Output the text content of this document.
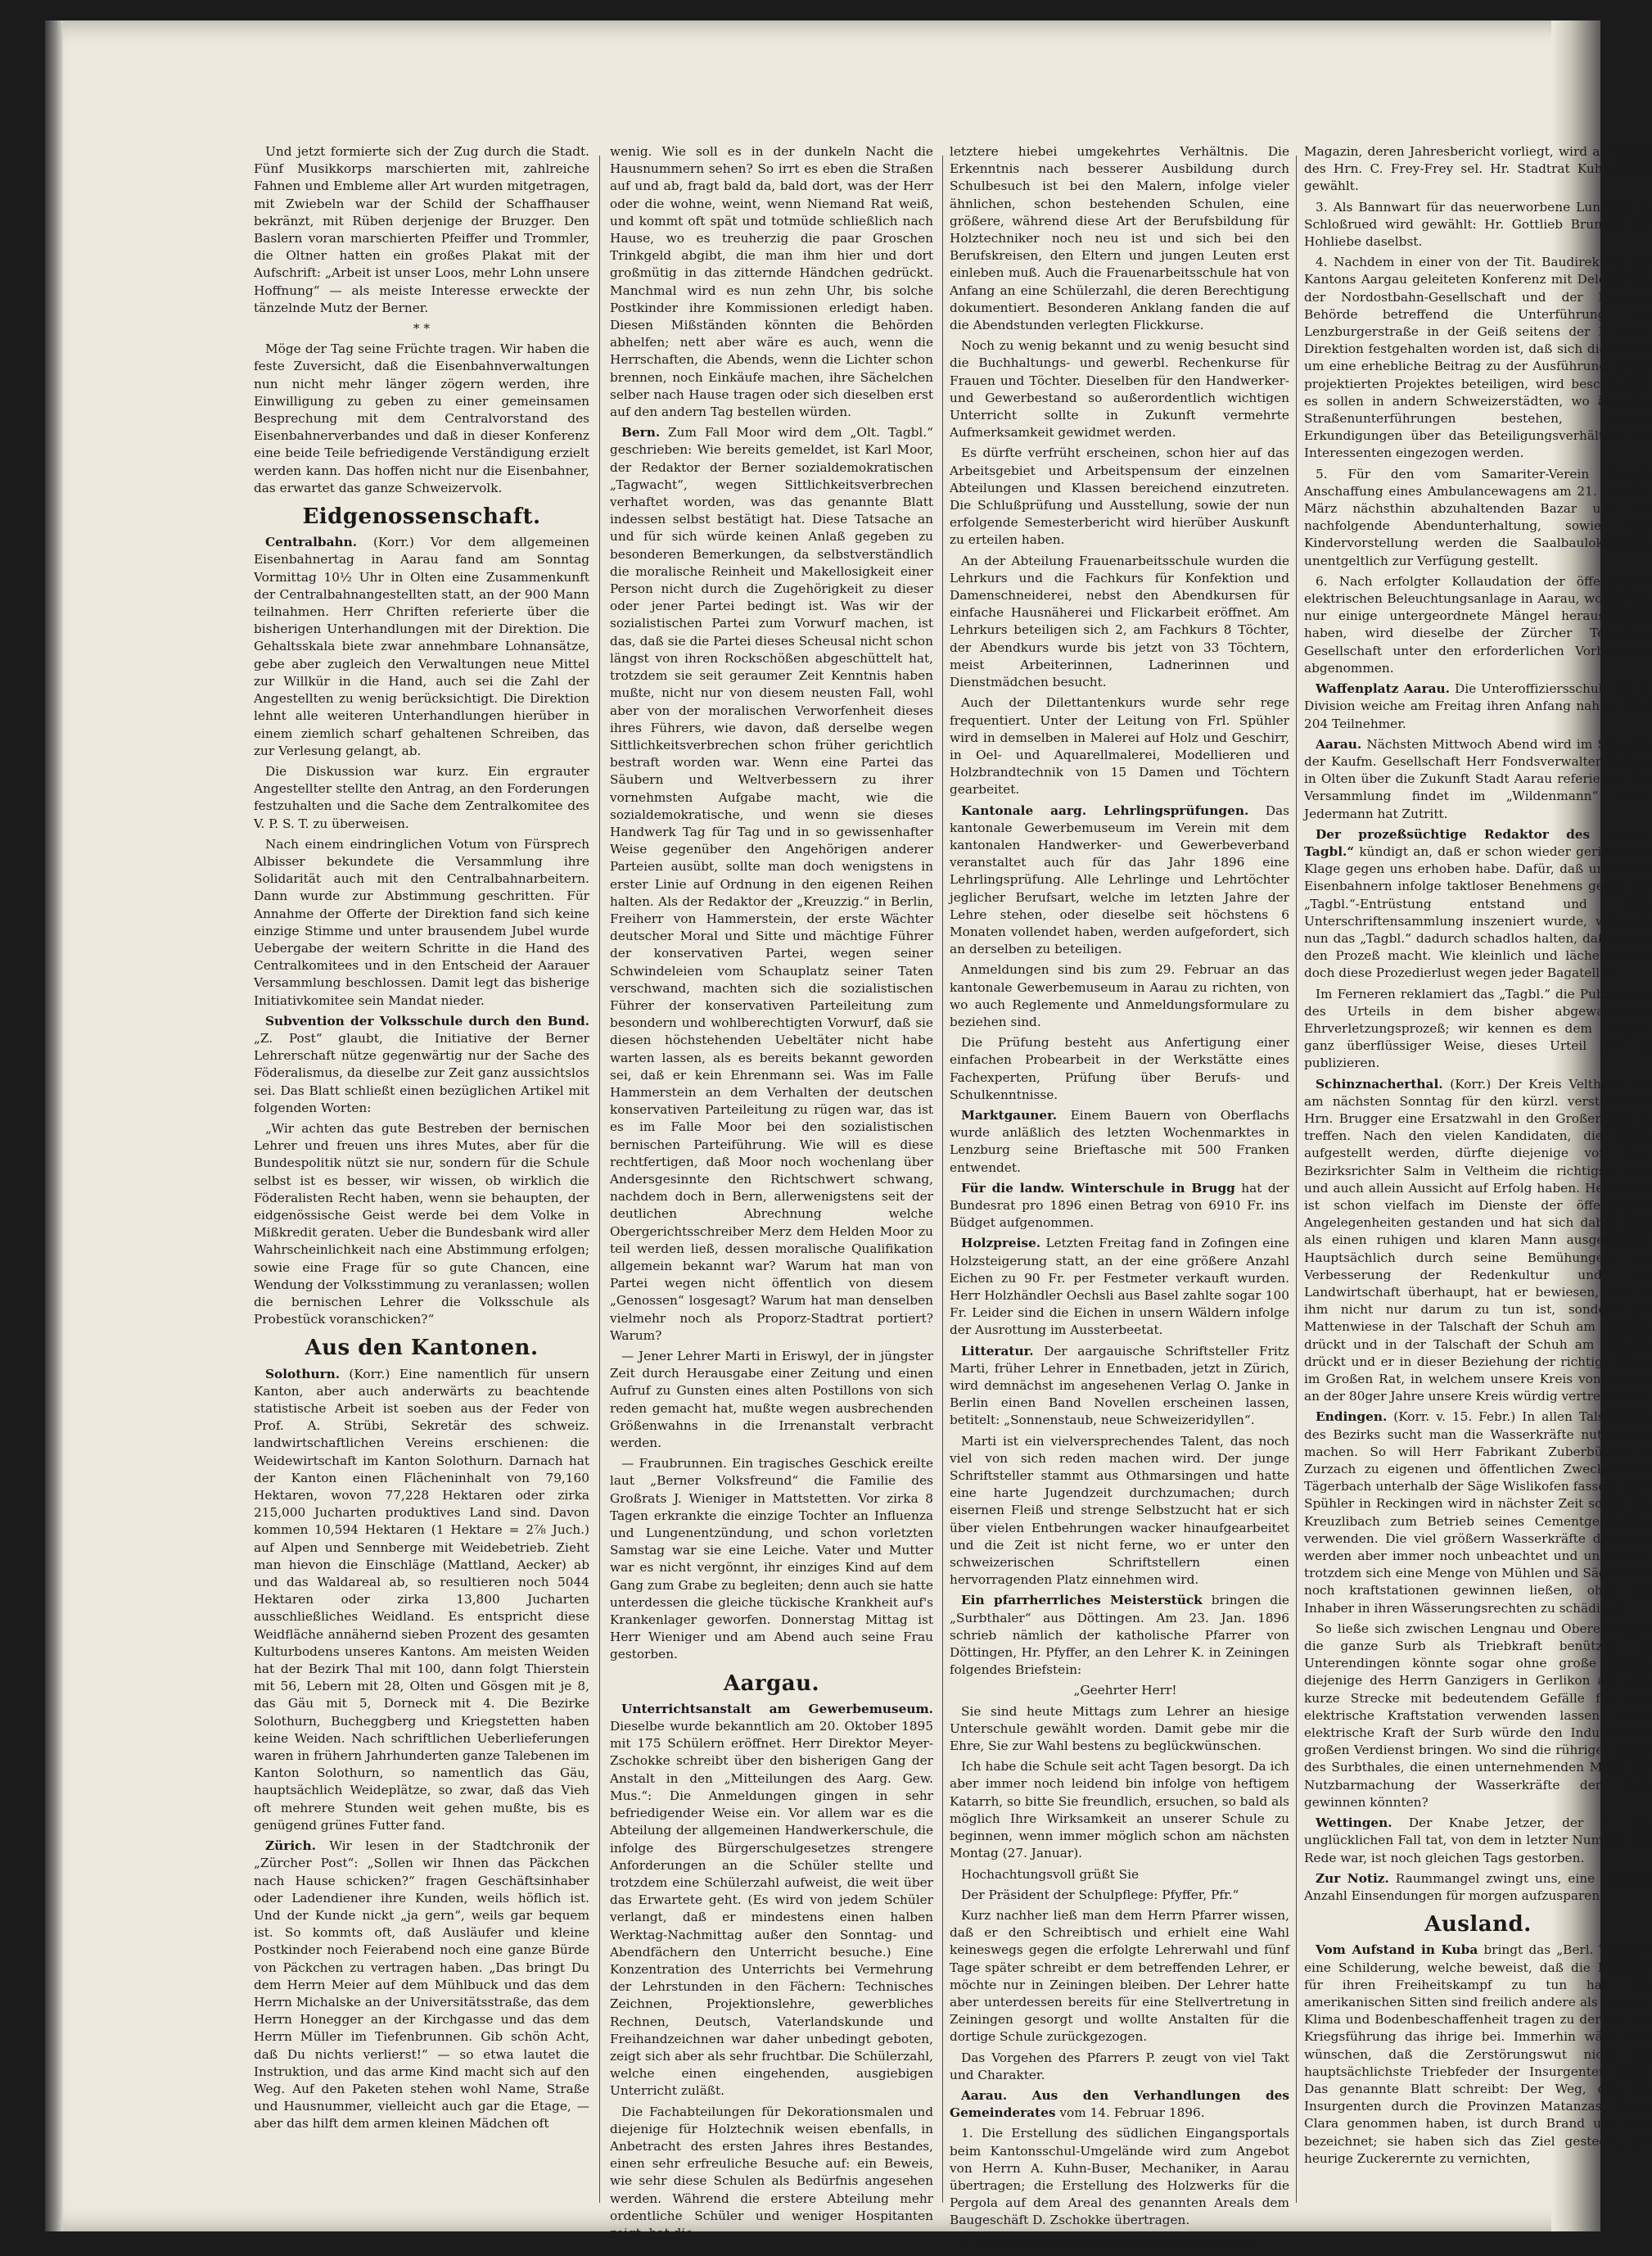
Und jetzt formierte sich der Zug durch die Stadt. Fünf Musikkorps marschierten mit, zahlreiche Fahnen und Embleme aller Art wurden mitgetragen, mit Zwiebeln war der Schild der Schaffhauser bekränzt, mit Rüben derjenige der Bruzger. Den Baslern voran marschierten Pfeiffer und Trommler, die Oltner hatten ein großes Plakat mit der Aufschrift: „Arbeit ist unser Loos, mehr Lohn unsere Hoffnung“ — als meiste Interesse erweckte der tänzelnde Mutz der Berner.

* *

Möge der Tag seine Früchte tragen. Wir haben die feste Zuversicht, daß die Eisenbahnverwaltungen nun nicht mehr länger zögern werden, ihre Einwilligung zu geben zu einer gemeinsamen Besprechung mit dem Centralvorstand des Eisenbahnerverbandes und daß in dieser Konferenz eine beide Teile befriedigende Verständigung erzielt werden kann. Das hoffen nicht nur die Eisenbahner, das erwartet das ganze Schweizervolk.

Eidgenossenschaft.

Centralbahn. (Korr.) Vor dem allgemeinen Eisenbahnertag in Aarau fand am Sonntag Vormittag 10½ Uhr in Olten eine Zusammenkunft der Centralbahnangestellten statt, an der 900 Mann teilnahmen. Herr Chriften referierte über die bisherigen Unterhandlungen mit der Direktion. Die Gehaltsskala biete zwar annehmbare Lohnansätze, gebe aber zugleich den Verwaltungen neue Mittel zur Willkür in die Hand, auch sei die Zahl der Angestellten zu wenig berücksichtigt. Die Direktion lehnt alle weiteren Unterhandlungen hierüber in einem ziemlich scharf gehaltenen Schreiben, das zur Verlesung gelangt, ab.

Die Diskussion war kurz. Ein ergrauter Angestellter stellte den Antrag, an den Forderungen festzuhalten und die Sache dem Zentralkomitee des V. P. S. T. zu überweisen.

Nach einem eindringlichen Votum von Fürsprech Albisser bekundete die Versammlung ihre Solidarität auch mit den Centralbahnarbeitern. Dann wurde zur Abstimmung geschritten. Für Annahme der Offerte der Direktion fand sich keine einzige Stimme und unter brausendem Jubel wurde Uebergabe der weitern Schritte in die Hand des Centralkomitees und in den Entscheid der Aarauer Versammlung beschlossen. Damit legt das bisherige Initiativkomitee sein Mandat nieder.

Subvention der Volksschule durch den Bund. „Z. Post“ glaubt, die Initiative der Berner Lehrerschaft nütze gegenwärtig nur der Sache des Föderalismus, da dieselbe zur Zeit ganz aussichtslos sei. Das Blatt schließt einen bezüglichen Artikel mit folgenden Worten:

„Wir achten das gute Bestreben der bernischen Lehrer und freuen uns ihres Mutes, aber für die Bundespolitik nützt sie nur, sondern für die Schule selbst ist es besser, wir wissen, ob wirklich die Föderalisten Recht haben, wenn sie behaupten, der eidgenössische Geist werde bei dem Volke in Mißkredit geraten. Ueber die Bundesbank wird aller Wahrscheinlichkeit nach eine Abstimmung erfolgen; sowie eine Frage für so gute Chancen, eine Wendung der Volksstimmung zu veranlassen; wollen die bernischen Lehrer die Volksschule als Probestück voranschicken?“

Aus den Kantonen.

Solothurn. (Korr.) Eine namentlich für unsern Kanton, aber auch anderwärts zu beachtende statistische Arbeit ist soeben aus der Feder von Prof. A. Strübi, Sekretär des schweiz. landwirtschaftlichen Vereins erschienen: die Weidewirtschaft im Kanton Solothurn. Darnach hat der Kanton einen Flächeninhalt von 79,160 Hektaren, wovon 77,228 Hektaren oder zirka 215,000 Jucharten produktives Land sind. Davon kommen 10,594 Hektaren (1 Hektare = 2⅞ Juch.) auf Alpen und Sennberge mit Weidebetrieb. Zieht man hievon die Einschläge (Mattland, Aecker) ab und das Waldareal ab, so resultieren noch 5044 Hektaren oder zirka 13,800 Jucharten ausschließliches Weidland. Es entspricht diese Weidfläche annähernd sieben Prozent des gesamten Kulturbodens unseres Kantons. Am meisten Weiden hat der Bezirk Thal mit 100, dann folgt Thierstein mit 56, Lebern mit 28, Olten und Gösgen mit je 8, das Gäu mit 5, Dorneck mit 4. Die Bezirke Solothurn, Bucheggberg und Kriegstetten haben keine Weiden. Nach schriftlichen Ueberlieferungen waren in frühern Jahrhunderten ganze Talebenen im Kanton Solothurn, so namentlich das Gäu, hauptsächlich Weideplätze, so zwar, daß das Vieh oft mehrere Stunden weit gehen mußte, bis es genügend grünes Futter fand.

Zürich. Wir lesen in der Stadtchronik der „Zürcher Post“: „Sollen wir Ihnen das Päckchen nach Hause schicken?“ fragen Geschäftsinhaber oder Ladendiener ihre Kunden, weils höflich ist. Und der Kunde nickt „ja gern“, weils gar bequem ist. So kommts oft, daß Ausläufer und kleine Postkinder noch Feierabend noch eine ganze Bürde von Päckchen zu vertragen haben. „Das bringt Du dem Herrn Meier auf dem Mühlbuck und das dem Herrn Michalske an der Universitätsstraße, das dem Herrn Honegger an der Kirchgasse und das dem Herrn Müller im Tiefenbrunnen. Gib schön Acht, daß Du nichts verlierst!“ — so etwa lautet die Instruktion, und das arme Kind macht sich auf den Weg. Auf den Paketen stehen wohl Name, Straße und Hausnummer, vielleicht auch gar die Etage, — aber das hilft dem armen kleinen Mädchen oft

wenig. Wie soll es in der dunkeln Nacht die Hausnummern sehen? So irrt es eben die Straßen auf und ab, fragt bald da, bald dort, was der Herr oder die wohne, weint, wenn Niemand Rat weiß, und kommt oft spät und totmüde schließlich nach Hause, wo es treuherzig die paar Groschen Trinkgeld abgibt, die man ihm hier und dort großmütig in das zitternde Händchen gedrückt. Manchmal wird es nun zehn Uhr, bis solche Postkinder ihre Kommissionen erledigt haben. Diesen Mißständen könnten die Behörden abhelfen; nett aber wäre es auch, wenn die Herrschaften, die Abends, wenn die Lichter schon brennen, noch Einkäufe machen, ihre Sächelchen selber nach Hause tragen oder sich dieselben erst auf den andern Tag bestellen würden.

Bern. Zum Fall Moor wird dem „Olt. Tagbl.“ geschrieben: Wie bereits gemeldet, ist Karl Moor, der Redaktor der Berner sozialdemokratischen „Tagwacht“, wegen Sittlichkeitsverbrechen verhaftet worden, was das genannte Blatt indessen selbst bestätigt hat. Diese Tatsache an und für sich würde keinen Anlaß gegeben zu besonderen Bemerkungen, da selbstverständlich die moralische Reinheit und Makellosigkeit einer Person nicht durch die Zugehörigkeit zu dieser oder jener Partei bedingt ist. Was wir der sozialistischen Partei zum Vorwurf machen, ist das, daß sie die Partei dieses Scheusal nicht schon längst von ihren Rockschößen abgeschüttelt hat, trotzdem sie seit geraumer Zeit Kenntnis haben mußte, nicht nur von diesem neusten Fall, wohl aber von der moralischen Verworfenheit dieses ihres Führers, wie davon, daß derselbe wegen Sittlichkeitsverbrechen schon früher gerichtlich bestraft worden war. Wenn eine Partei das Säubern und Weltverbessern zu ihrer vornehmsten Aufgabe macht, wie die sozialdemokratische, und wenn sie dieses Handwerk Tag für Tag und in so gewissenhafter Weise gegenüber den Angehörigen anderer Parteien ausübt, sollte man doch wenigstens in erster Linie auf Ordnung in den eigenen Reihen halten. Als der Redaktor der „Kreuzzig.“ in Berlin, Freiherr von Hammerstein, der erste Wächter deutscher Moral und Sitte und mächtige Führer der konservativen Partei, wegen seiner Schwindeleien vom Schauplatz seiner Taten verschwand, machten sich die sozialistischen Führer der konservativen Parteileitung zum besondern und wohlberechtigten Vorwurf, daß sie diesen höchstehenden Uebeltäter nicht habe warten lassen, als es bereits bekannt geworden sei, daß er kein Ehrenmann sei. Was im Falle Hammerstein an dem Verhalten der deutschen konservativen Parteileitung zu rügen war, das ist es im Falle Moor bei den sozialistischen bernischen Parteiführung. Wie will es diese rechtfertigen, daß Moor noch wochenlang über Andersgesinnte den Richtschwert schwang, nachdem doch in Bern, allerwenigstens seit der deutlichen Abrechnung welche Obergerichtsschreiber Merz dem Helden Moor zu teil werden ließ, dessen moralische Qualifikation allgemein bekannt war? Warum hat man von Partei wegen nicht öffentlich von diesem „Genossen“ losgesagt? Warum hat man denselben vielmehr noch als Proporz-Stadtrat portiert? Warum?

— Jener Lehrer Marti in Eriswyl, der in jüngster Zeit durch Herausgabe einer Zeitung und einen Aufruf zu Gunsten eines alten Postillons von sich reden gemacht hat, mußte wegen ausbrechenden Größenwahns in die Irrenanstalt verbracht werden.

— Fraubrunnen. Ein tragisches Geschick ereilte laut „Berner Volksfreund“ die Familie des Großrats J. Wieniger in Mattstetten. Vor zirka 8 Tagen erkrankte die einzige Tochter an Influenza und Lungenentzündung, und schon vorletzten Samstag war sie eine Leiche. Vater und Mutter war es nicht vergönnt, ihr einziges Kind auf dem Gang zum Grabe zu begleiten; denn auch sie hatte unterdessen die gleiche tückische Krankheit auf's Krankenlager geworfen. Donnerstag Mittag ist Herr Wieniger und am Abend auch seine Frau gestorben.

Aargau.

Unterrichtsanstalt am Gewerbemuseum. Dieselbe wurde bekanntlich am 20. Oktober 1895 mit 175 Schülern eröffnet. Herr Direktor Meyer-Zschokke schreibt über den bisherigen Gang der Anstalt in den „Mitteilungen des Aarg. Gew. Mus.“: Die Anmeldungen gingen in sehr befriedigender Weise ein. Vor allem war es die Abteilung der allgemeinen Handwerkerschule, die infolge des Bürgerschulgesetzes strengere Anforderungen an die Schüler stellte und trotzdem eine Schülerzahl aufweist, die weit über das Erwartete geht. (Es wird von jedem Schüler verlangt, daß er mindestens einen halben Werktag-Nachmittag außer den Sonntag- und Abendfächern den Unterricht besuche.) Eine Konzentration des Unterrichts bei Vermehrung der Lehrstunden in den Fächern: Technisches Zeichnen, Projektionslehre, gewerbliches Rechnen, Deutsch, Vaterlandskunde und Freihandzeichnen war daher unbedingt geboten, zeigt sich aber als sehr fruchtbar. Die Schülerzahl, welche einen eingehenden, ausgiebigen Unterricht zuläßt.

Die Fachabteilungen für Dekorationsmalen und diejenige für Holztechnik weisen ebenfalls, in Anbetracht des ersten Jahres ihres Bestandes, einen sehr erfreuliche Besuche auf: ein Beweis, wie sehr diese Schulen als Bedürfnis angesehen werden. Während die erstere Abteilung mehr ordentliche Schüler und weniger Hospitanten zeigt, hat die

letztere hiebei umgekehrtes Verhältnis. Die Erkenntnis nach besserer Ausbildung durch Schulbesuch ist bei den Malern, infolge vieler ähnlichen, schon bestehenden Schulen, eine größere, während diese Art der Berufsbildung für Holztechniker noch neu ist und sich bei den Berufskreisen, den Eltern und jungen Leuten erst einleben muß. Auch die Frauenarbeitsschule hat von Anfang an eine Schülerzahl, die deren Berechtigung dokumentiert. Besonderen Anklang fanden die auf die Abendstunden verlegten Flickkurse.

Noch zu wenig bekannt und zu wenig besucht sind die Buchhaltungs- und gewerbl. Rechenkurse für Frauen und Töchter. Dieselben für den Handwerker- und Gewerbestand so außerordentlich wichtigen Unterricht sollte in Zukunft vermehrte Aufmerksamkeit gewidmet werden.

Es dürfte verfrüht erscheinen, schon hier auf das Arbeitsgebiet und Arbeitspensum der einzelnen Abteilungen und Klassen bereichend einzutreten. Die Schlußprüfung und Ausstellung, sowie der nun erfolgende Semesterbericht wird hierüber Auskunft zu erteilen haben.

An der Abteilung Frauenarbeitsschule wurden die Lehrkurs und die Fachkurs für Konfektion und Damenschneiderei, nebst den Abendkursen für einfache Hausnäherei und Flickarbeit eröffnet. Am Lehrkurs beteiligen sich 2, am Fachkurs 8 Töchter, der Abendkurs wurde bis jetzt von 33 Töchtern, meist Arbeiterinnen, Ladnerinnen und Dienstmädchen besucht.

Auch der Dilettantenkurs wurde sehr rege frequentiert. Unter der Leitung von Frl. Spühler wird in demselben in Malerei auf Holz und Geschirr, in Oel- und Aquarellmalerei, Modellieren und Holzbrandtechnik von 15 Damen und Töchtern gearbeitet.

Kantonale aarg. Lehrlingsprüfungen. Das kantonale Gewerbemuseum im Verein mit dem kantonalen Handwerker- und Gewerbeverband veranstaltet auch für das Jahr 1896 eine Lehrlingsprüfung. Alle Lehrlinge und Lehrtöchter jeglicher Berufsart, welche im letzten Jahre der Lehre stehen, oder dieselbe seit höchstens 6 Monaten vollendet haben, werden aufgefordert, sich an derselben zu beteiligen.

Anmeldungen sind bis zum 29. Februar an das kantonale Gewerbemuseum in Aarau zu richten, von wo auch Reglemente und Anmeldungsformulare zu beziehen sind.

Die Prüfung besteht aus Anfertigung einer einfachen Probearbeit in der Werkstätte eines Fachexperten, Prüfung über Berufs- und Schulkenntnisse.

Marktgauner. Einem Bauern von Oberflachs wurde anläßlich des letzten Wochenmarktes in Lenzburg seine Brieftasche mit 500 Franken entwendet.

Für die landw. Winterschule in Brugg hat der Bundesrat pro 1896 einen Betrag von 6910 Fr. ins Büdget aufgenommen.

Holzpreise. Letzten Freitag fand in Zofingen eine Holzsteigerung statt, an der eine größere Anzahl Eichen zu 90 Fr. per Festmeter verkauft wurden. Herr Holzhändler Oechsli aus Basel zahlte sogar 100 Fr. Leider sind die Eichen in unsern Wäldern infolge der Ausrottung im Aussterbeetat.

Litteratur. Der aargauische Schriftsteller Fritz Marti, früher Lehrer in Ennetbaden, jetzt in Zürich, wird demnächst im angesehenen Verlag O. Janke in Berlin einen Band Novellen erscheinen lassen, betitelt: „Sonnenstaub, neue Schweizeridyllen“.

Marti ist ein vielversprechendes Talent, das noch viel von sich reden machen wird. Der junge Schriftsteller stammt aus Othmarsingen und hatte eine harte Jugendzeit durchzumachen; durch eisernen Fleiß und strenge Selbstzucht hat er sich über vielen Entbehrungen wacker hinaufgearbeitet und die Zeit ist nicht ferne, wo er unter den schweizerischen Schriftstellern einen hervorragenden Platz einnehmen wird.

Ein pfarrherrliches Meisterstück bringen die „Surbthaler“ aus Döttingen. Am 23. Jan. 1896 schrieb nämlich der katholische Pfarrer von Döttingen, Hr. Pfyffer, an den Lehrer K. in Zeiningen folgendes Briefstein:

„Geehrter Herr!

Sie sind heute Mittags zum Lehrer an hiesige Unterschule gewählt worden. Damit gebe mir die Ehre, Sie zur Wahl bestens zu beglückwünschen.

Ich habe die Schule seit acht Tagen besorgt. Da ich aber immer noch leidend bin infolge von heftigem Katarrh, so bitte Sie freundlich, ersuchen, so bald als möglich Ihre Wirksamkeit an unserer Schule zu beginnen, wenn immer möglich schon am nächsten Montag (27. Januar).

Hochachtungsvoll grüßt Sie

Der Präsident der Schulpflege: Pfyffer, Pfr.“

Kurz nachher ließ man dem Herrn Pfarrer wissen, daß er den Schreibtisch und erhielt eine Wahl keineswegs gegen die erfolgte Lehrerwahl und fünf Tage später schreibt er dem betreffenden Lehrer, er möchte nur in Zeiningen bleiben. Der Lehrer hatte aber unterdessen bereits für eine Stellvertretung in Zeiningen gesorgt und wollte Anstalten für die dortige Schule zurückgezogen.

Das Vorgehen des Pfarrers P. zeugt von viel Takt und Charakter.

Aarau. Aus den Verhandlungen des Gemeinderates vom 14. Februar 1896.

1. Die Erstellung des südlichen Eingangsportals beim Kantonsschul-Umgelände wird zum Angebot von Herrn A. Kuhn-Buser, Mechaniker, in Aarau übertragen; die Erstellung des Holzwerks für die Pergola auf dem Areal des genannten Areals dem Baugeschäft D. Zschokke übertragen.

2. In die Kommission für das Krankenmobilien-

Magazin, deren Jahresbericht vorliegt, wird an Platze des Hrn. C. Frey-Frey sel. Hr. Stadtrat Kuhn-Buser gewählt.

3. Als Bannwart für das neuerworbene Lunkholz in Schloßrued wird gewählt: Hr. Gottlieb Brunner zur Hohliebe daselbst.

4. Nachdem in einer von der Tit. Baudirektion des Kantons Aargau geleiteten Konferenz mit Delegierten der Nordostbahn-Gesellschaft und der hiesigen Behörde betreffend die Unterführung der Lenzburgerstraße in der Geiß seitens der N.-O.-B.-Direktion festgehalten worden ist, daß sich die es nur um eine erhebliche Beitrag zu der Ausführung dieses projektierten Projektes beteiligen, wird beschlossen, es sollen in andern Schweizerstädten, wo ähnliche Straßenunterführungen bestehen, nähere Erkundigungen über das Beteiligungsverhältnis der Interessenten eingezogen werden.

5. Für den vom Samariter-Verein behufs Anschaffung eines Ambulancewagens am 21. und 22. März nächsthin abzuhaltenden Bazar und die nachfolgende Abendunterhaltung, sowie eine Kindervorstellung werden die Saalbaulokalitäten unentgeltlich zur Verfügung gestellt.

6. Nach erfolgter Kollaudation der öffentlichen elektrischen Beleuchtungsanlage in Aarau, wobei sich nur einige untergeordnete Mängel herausgestellt haben, wird dieselbe der Zürcher Telephon-Gesellschaft unter den erforderlichen Vorbehalten abgenommen.

Waffenplatz Aarau. Die Unteroffiziersschule der V. Division weiche am Freitag ihren Anfang nahm, zählt 204 Teilnehmer.

Aarau. Nächsten Mittwoch Abend wird im Schooße der Kaufm. Gesellschaft Herr Fondsverwalter Andres in Olten über die Zukunft Stadt Aarau referieren. Die Versammlung findet im „Wildenmann“ statt. Jedermann hat Zutritt.

Der prozeßsüchtige Redaktor des „Aarg. Tagbl.“ kündigt an, daß er schon wieder gerichtliche Klage gegen uns erhoben habe. Dafür, daß unter den Eisenbahnern infolge taktloser Benehmens gegen die „Tagbl.“-Entrüstung entstand und eine Unterschriftensammlung inszeniert wurde, will sich nun das „Tagbl.“ dadurch schadlos halten, daß er uns den Prozeß macht. Wie kleinlich und lächerlich ist doch diese Prozedierlust wegen jeder Bagatelle!

Im Ferneren reklamiert das „Tagbl.“ die Publikation des Urteils in dem bisher abgewandelten Ehrverletzungsprozeß; wir kennen es dem „Tagbl.“ ganz überflüssiger Weise, dieses Urteil hier zu publizieren.

Schinznacherthal. (Korr.) Der Kreis Veltheim hat am nächsten Sonntag für den kürzl. verstorbenen Hrn. Brugger eine Ersatzwahl in den Großen Rat zu treffen. Nach den vielen Kandidaten, die schon aufgestellt werden, dürfte diejenige von Hrn. Bezirksrichter Salm in Veltheim die richtigste sein und auch allein Aussicht auf Erfolg haben. Herr Salm ist schon vielfach im Dienste der öffentlichen Angelegenheiten gestanden und hat sich dabei stets als einen ruhigen und klaren Mann ausgewiesen. Hauptsächlich durch seine Bemühungen um Verbesserung der Redenkultur und der Landwirtschaft überhaupt, hat er bewiesen, daß es ihm nicht nur darum zu tun ist, sondern die Mattenwiese in der Talschaft der Schuh am meisten drückt und in der Talschaft der Schuh am meisten drückt und er in dieser Beziehung der richtige Mann im Großen Rat, in welchem unsere Kreis von Anfang an der 80ger Jahre unsere Kreis würdig vertreten hat.

Endingen. (Korr. v. 15. Febr.) In allen Talschaften des Bezirks sucht man die Wasserkräfte nutzbar zu machen. So will Herr Fabrikant Zuberbühler in Zurzach zu eigenen und öffentlichen Zwecken den Tägerbach unterhalb der Säge Wislikofen fassen. Herr Spühler in Reckingen wird in nächster Zeit sogar den Kreuzlibach zum Betrieb seines Cementgeschäftes verwenden. Die viel größern Wasserkräfte der Surb werden aber immer noch unbeachtet und unbenutzt, trotzdem sich eine Menge von Mühlen und Sägen sich noch kraftstationen gewinnen ließen, ohne die Inhaber in ihren Wässerungsrechten zu schädigen.

So ließe sich zwischen Lengnau und Oberendingen die ganze Surb als Triebkraft benützen. In Unterendingen könnte sogar ohne große Kosten diejenige des Herrn Ganzigers in Gerlikon auf eine kurze Strecke mit bedeutendem Gefälle für eine elektrische Kraftstation verwenden lassen. Diese elektrische Kraft der Surb würde den Industriellen großen Verdienst bringen. Wo sind die rührigen Leute des Surbthales, die einen unternehmenden Mann zur Nutzbarmachung der Wasserkräfte der Surb gewinnen könnten?

Wettingen. Der Knabe Jetzer, der in den unglücklichen Fall tat, von dem in letzter Nummer die Rede war, ist noch gleichen Tags gestorben.

Zur Notiz. Raummangel zwingt uns, eine größere Anzahl Einsendungen für morgen aufzusparen.

Ausland.

Vom Aufstand in Kuba bringt das „Berl. Tagebl.“ eine Schilderung, welche beweist, daß die Kubaner für ihren Freiheitskampf zu tun hat. Die amerikanischen Sitten sind freilich andere als bei uns, Klima und Bodenbeschaffenheit tragen zu der Art der Kriegsführung das ihrige bei. Immerhin wäre man wünschen, daß die Zerstörungswut nicht die hauptsächlichste Triebfeder der Insurgenten wäre. Das genannte Blatt schreibt: Der Weg, den die Insurgenten durch die Provinzen Matanzas, Santa Clara genommen haben, ist durch Brand und Blut bezeichnet; sie haben sich das Ziel gesteckt, die heurige Zuckerernte zu vernichten,
